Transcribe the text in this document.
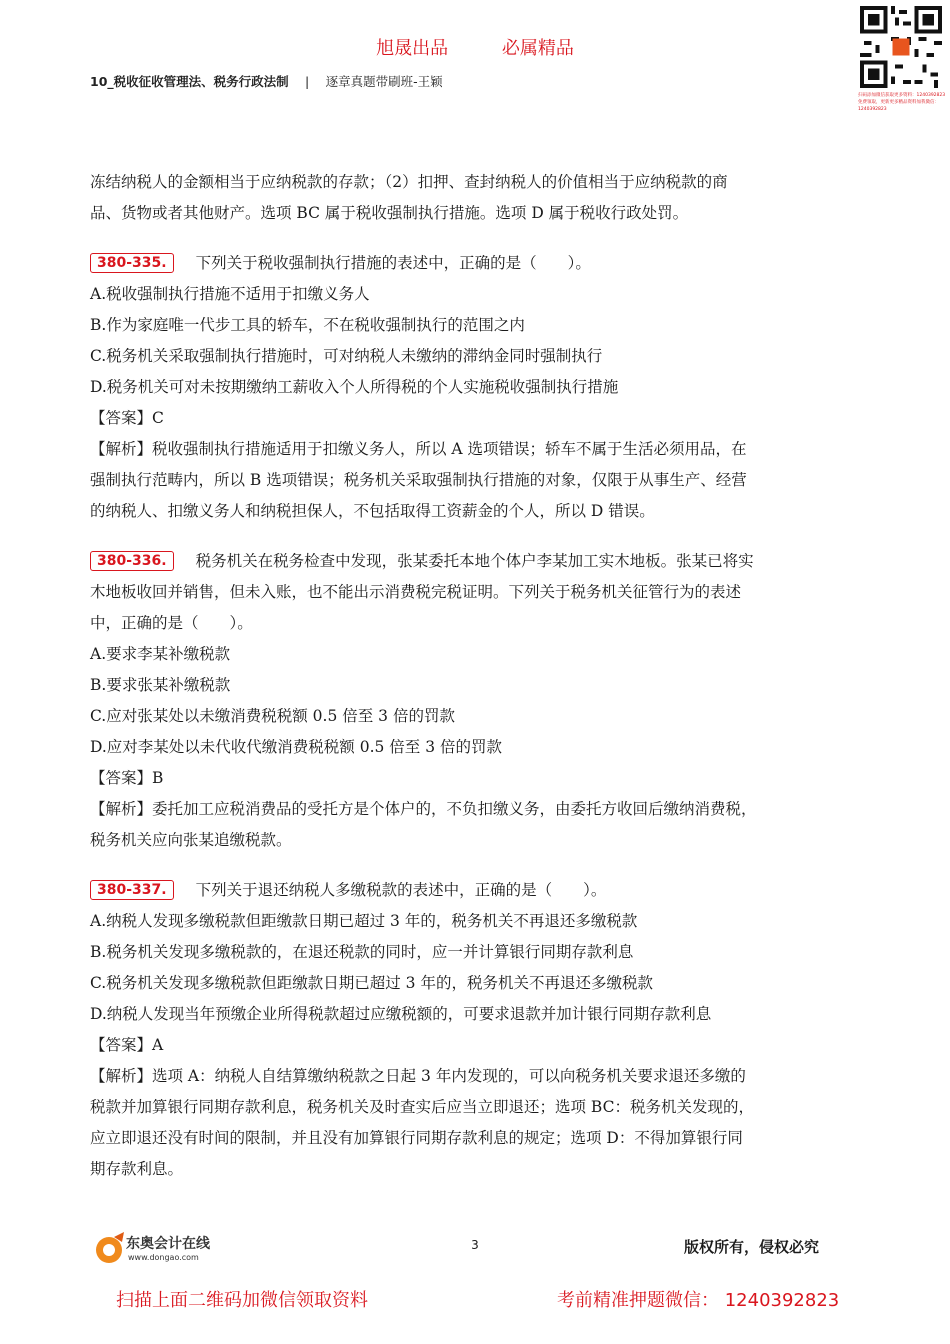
旭晟出品	必属精品
10_税收征收管理法、税务行政法制 | 逐章真题带刷班-王颖
扫码添加微信获取更多资料：1240392823 免费领取，更新更多精品资料加我微信：1240392823

冻结纳税人的金额相当于应纳税款的存款；（2）扣押、查封纳税人的价值相当于应纳税款的商

品、货物或者其他财产。选项 BC 属于税收强制执行措施。选项 D 属于税收行政处罚。

380-335. 下列关于税收强制执行措施的表述中，正确的是（　　）。

A.税收强制执行措施不适用于扣缴义务人

B.作为家庭唯一代步工具的轿车，不在税收强制执行的范围之内

C.税务机关采取强制执行措施时，可对纳税人未缴纳的滞纳金同时强制执行

D.税务机关可对未按期缴纳工薪收入个人所得税的个人实施税收强制执行措施

【答案】C

【解析】税收强制执行措施适用于扣缴义务人，所以 A 选项错误；轿车不属于生活必须用品，在

强制执行范畴内，所以 B 选项错误；税务机关采取强制执行措施的对象，仅限于从事生产、经营

的纳税人、扣缴义务人和纳税担保人，不包括取得工资薪金的个人，所以 D 错误。

380-336. 税务机关在税务检查中发现，张某委托本地个体户李某加工实木地板。张某已将实

木地板收回并销售，但未入账，也不能出示消费税完税证明。下列关于税务机关征管行为的表述

中，正确的是（　　）。

A.要求李某补缴税款

B.要求张某补缴税款

C.应对张某处以未缴消费税税额 0.5 倍至 3 倍的罚款

D.应对李某处以未代收代缴消费税税额 0.5 倍至 3 倍的罚款

【答案】B

【解析】委托加工应税消费品的受托方是个体户的，不负扣缴义务，由委托方收回后缴纳消费税，

税务机关应向张某追缴税款。

380-337. 下列关于退还纳税人多缴税款的表述中，正确的是（　　）。

A.纳税人发现多缴税款但距缴款日期已超过 3 年的，税务机关不再退还多缴税款

B.税务机关发现多缴税款的，在退还税款的同时，应一并计算银行同期存款利息

C.税务机关发现多缴税款但距缴款日期已超过 3 年的，税务机关不再退还多缴税款

D.纳税人发现当年预缴企业所得税款超过应缴税额的，可要求退款并加计银行同期存款利息

【答案】A

【解析】选项 A：纳税人自结算缴纳税款之日起 3 年内发现的，可以向税务机关要求退还多缴的

税款并加算银行同期存款利息，税务机关及时查实后应当立即退还；选项 BC：税务机关发现的，

应立即退还没有时间的限制，并且没有加算银行同期存款利息的规定；选项 D：不得加算银行同

期存款利息。

东奥会计在线
www.dongao.com
3	版权所有，侵权必究
扫描上面二维码加微信领取资料	考前精准押题微信： 1240392823
